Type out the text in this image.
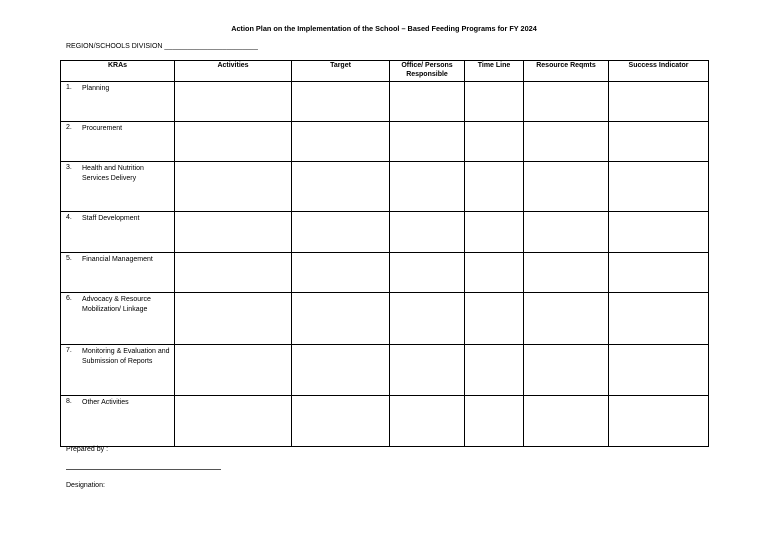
Action Plan on the Implementation of the School – Based Feeding Programs for FY 2024
REGION/SCHOOLS DIVISION ________________________
KRAs	Activities	Target	Office/ Persons Responsible	Time Line	Resource Reqmts	Success Indicator

1. Planning						

2. Procurement						

3. Health and Nutrition Services Delivery						

4. Staff Development						

5. Financial Management						

6. Advocacy & Resource Mobilization/ Linkage						

7. Monitoring & Evaluation and Submission of Reports						

8. Other Activities						

Prepared by :
Designation:
